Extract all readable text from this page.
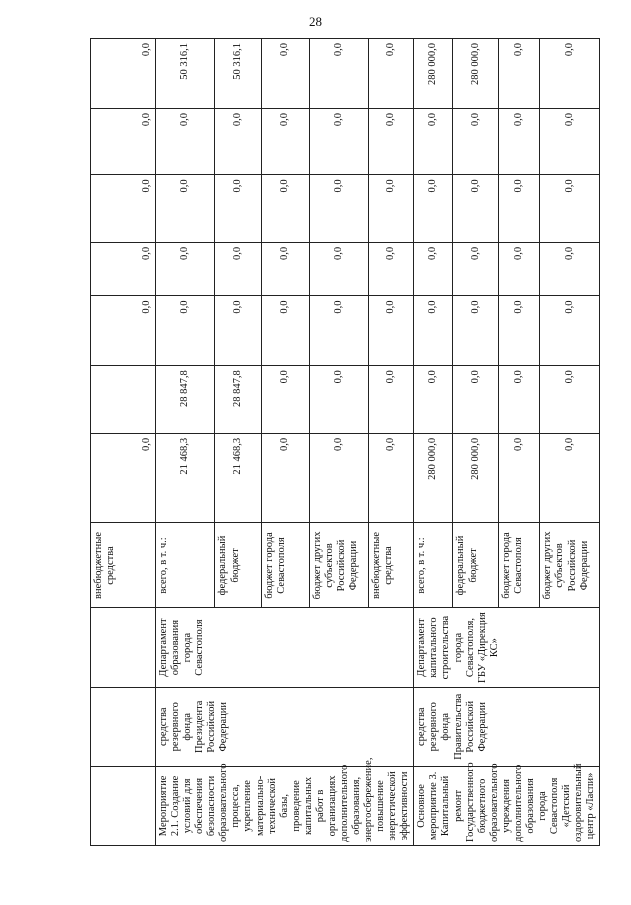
28
			внебюджетные средства	0,0		0,0	0,0	0,0	0,0	0,0
Мероприятие 2.1. Создание условий для обеспечения безопасности образовательного процесса, укрепление материально-технической базы, проведение капитальных работ в организациях дополнительного образования, энергосбережение, повышение энергетической эффективности	средства резервного фонда Президента Российской Федерации	Департамент образования города Севастополя	всего, в т. ч.:	21 468,3	28 847,8	0,0	0,0	0,0	0,0	50 316,1
			федеральный бюджет	21 468,3	28 847,8	0,0	0,0	0,0	0,0	50 316,1
			бюджет города Севастополя	0,0	0,0	0,0	0,0	0,0	0,0	0,0
			бюджет других субъектов Российской Федерации	0,0	0,0	0,0	0,0	0,0	0,0	0,0
			внебюджетные средства	0,0	0,0	0,0	0,0	0,0	0,0	0,0
Основное мероприятие 3. Капитальный ремонт Государственного бюджетного образовательного учреждения дополнительного образования города Севастополя «Детский оздоровительный центр «Ласпи»	средства резервного фонда Правительства Российской Федерации	Департамент капитального строительства города Севастополя, ГБУ «Дирекция КС»	всего, в т. ч.:	280 000,0	0,0	0,0	0,0	0,0	0,0	280 000,0
			федеральный бюджет	280 000,0	0,0	0,0	0,0	0,0	0,0	280 000,0
			бюджет города Севастополя	0,0	0,0	0,0	0,0	0,0	0,0	0,0
			бюджет других субъектов Российской Федерации	0,0	0,0	0,0	0,0	0,0	0,0	0,0
